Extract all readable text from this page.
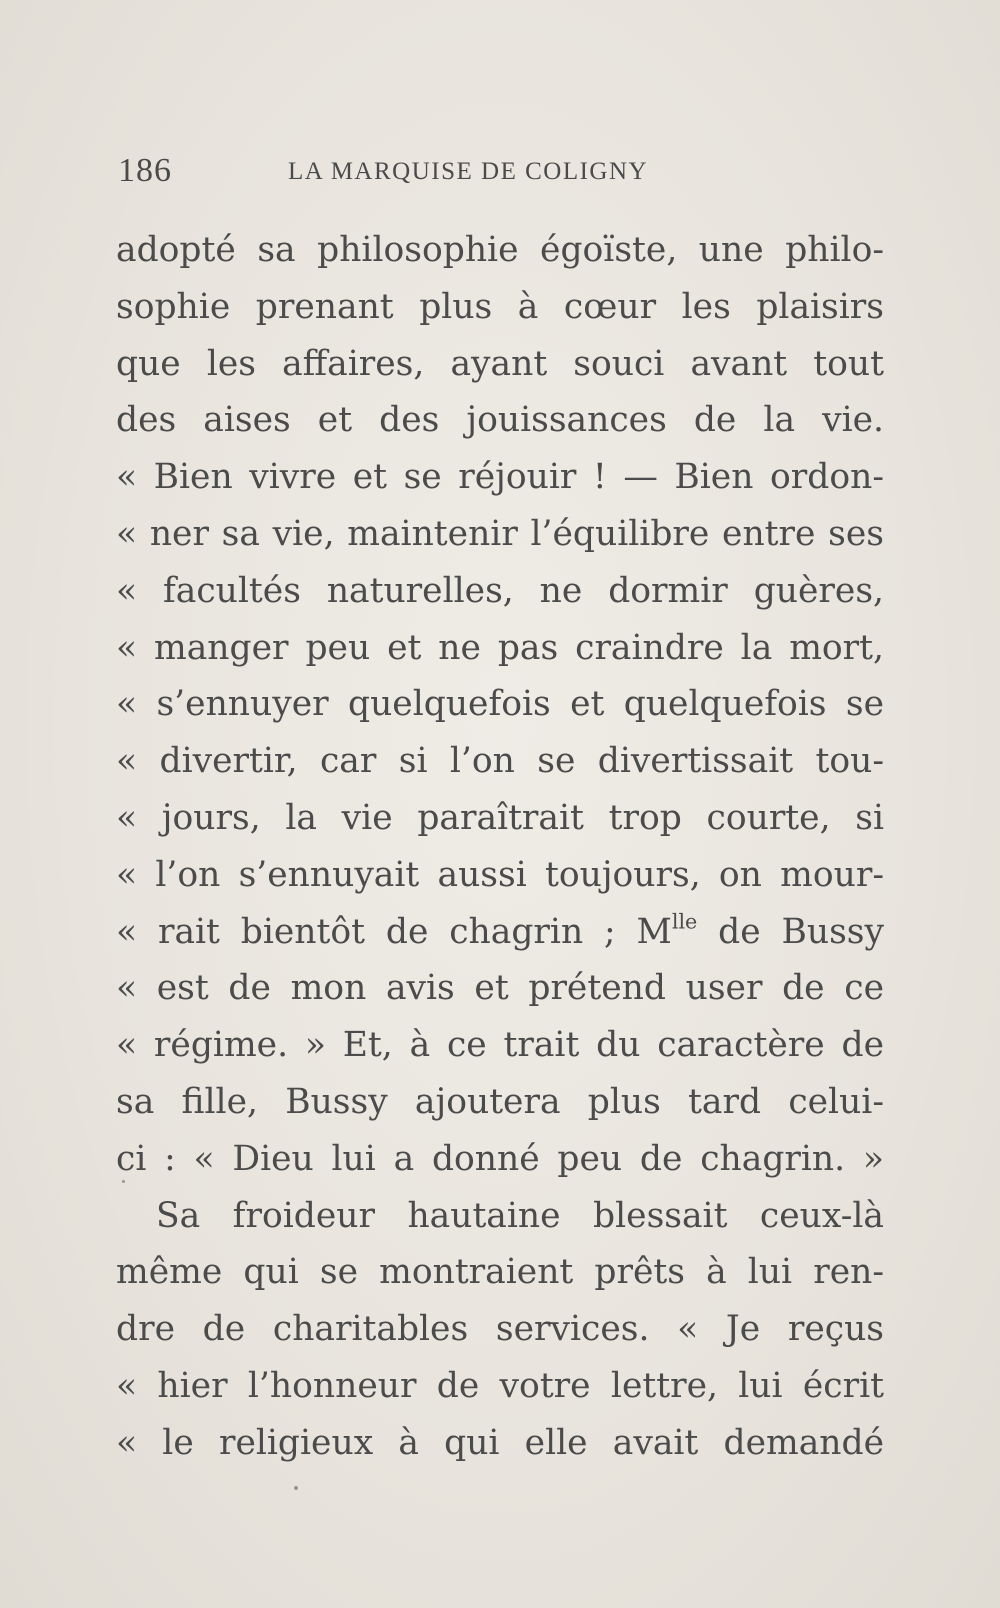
186	LA MARQUISE DE COLIGNY
adopté sa philosophie égoïste, une philo-
sophie prenant plus à cœur les plaisirs
que les affaires, ayant souci avant tout
des aises et des jouissances de la vie.
« Bien vivre et se réjouir ! — Bien ordon-
« ner sa vie, maintenir l’équilibre entre ses
« facultés naturelles, ne dormir guères,
« manger peu et ne pas craindre la mort,
« s’ennuyer quelquefois et quelquefois se
« divertir, car si l’on se divertissait tou-
« jours, la vie paraîtrait trop courte, si
« l’on s’ennuyait aussi toujours, on mour-
« rait bientôt de chagrin ; $M^{lle}$ de Bussy
« est de mon avis et prétend user de ce
« régime. » Et, à ce trait du caractère de
sa fille, Bussy ajoutera plus tard celui-
ci : « Dieu lui a donné peu de chagrin. »
Sa froideur hautaine blessait ceux-là
même qui se montraient prêts à lui ren-
dre de charitables services. « Je reçus
« hier l’honneur de votre lettre, lui écrit
« le religieux à qui elle avait demandé
